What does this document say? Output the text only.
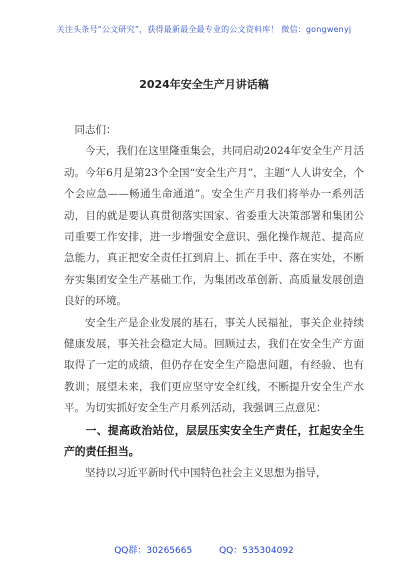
关注头条号“公文研究”，获得最新最全最专业的公文资料库！ 微信：gongwenyj
2024年安全生产月讲话稿

同志们：

今天，我们在这里隆重集会，共同启动2024年安全生产月活动。今年6月是第23个全国“安全生产月”，主题“人人讲安全，个个会应急——畅通生命通道”。安全生产月我们将举办一系列活动，目的就是要认真贯彻落实国家、省委重大决策部署和集团公司重要工作安排，进一步增强安全意识、强化操作规范、提高应急能力，真正把安全责任扛到肩上、抓在手中、落在实处，不断夯实集团安全生产基础工作，为集团改革创新、高质量发展创造良好的环境。

安全生产是企业发展的基石，事关人民福祉，事关企业持续健康发展，事关社会稳定大局。回顾过去，我们在安全生产方面取得了一定的成绩，但仍存在安全生产隐患问题，有经验、也有教训；展望未来，我们更应坚守安全红线，不断提升安全生产水平。为切实抓好安全生产月系列活动，我强调三点意见：

一、提高政治站位，层层压实安全生产责任，扛起安全生产的责任担当。

坚持以习近平新时代中国特色社会主义思想为指导，

QQ群：30265665	QQ：535304092
